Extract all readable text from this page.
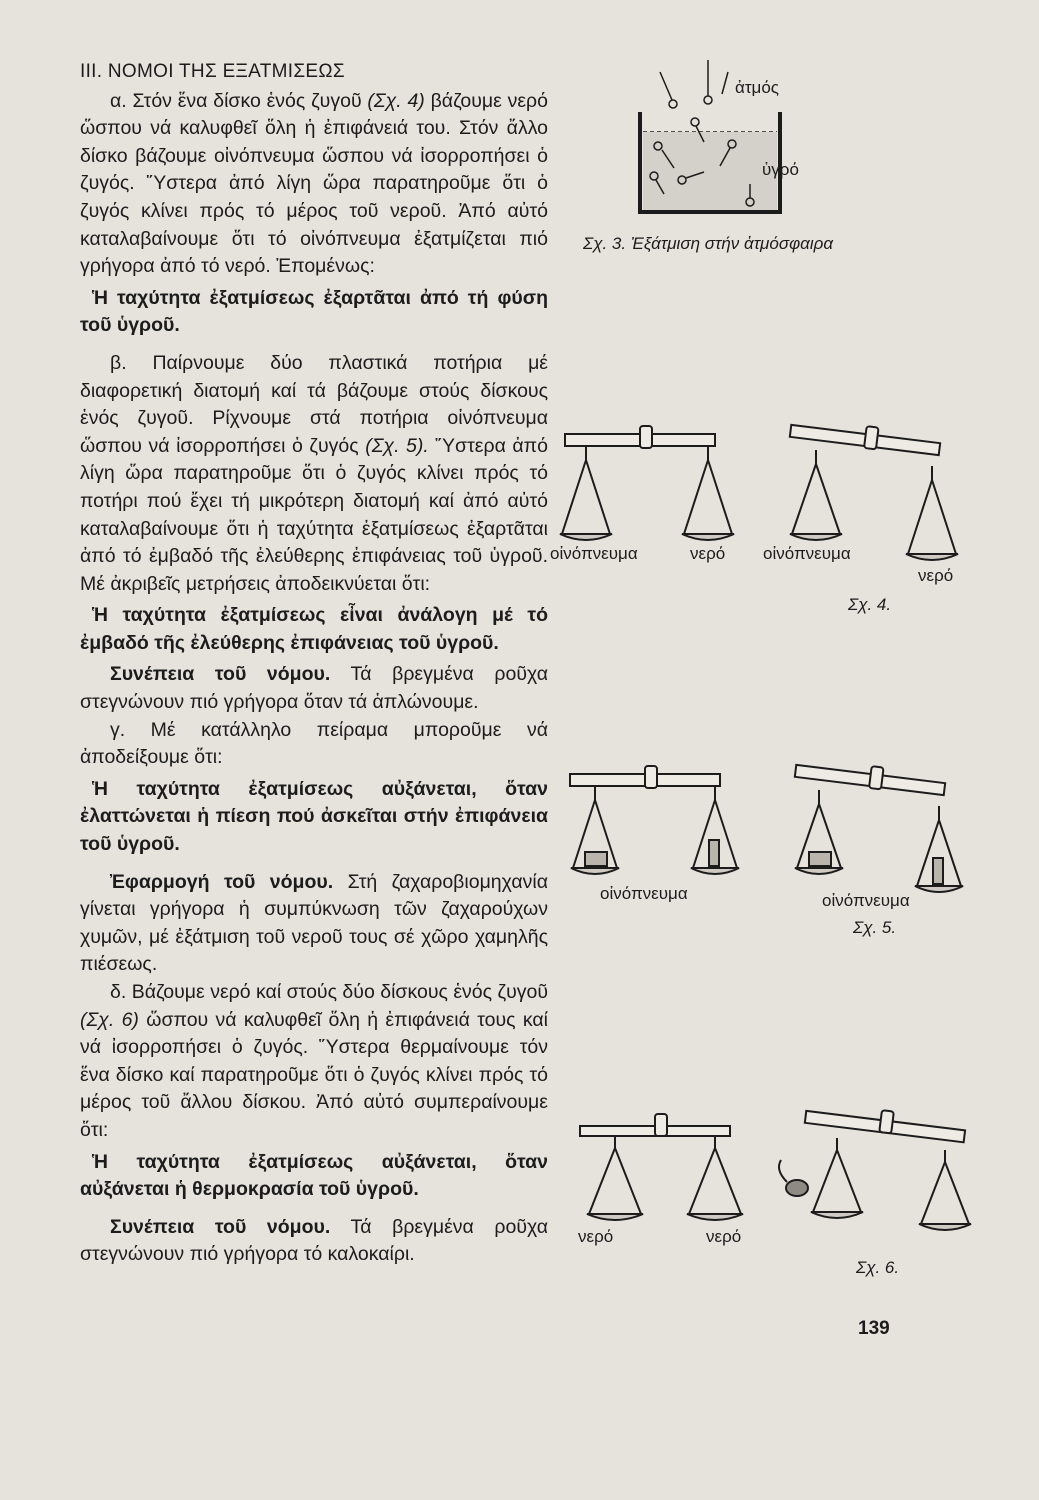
III. ΝΟΜΟΙ ΤΗΣ ΕΞΑΤΜΙΣΕΩΣ

α. Στόν ἕνα δίσκο ἑνός ζυγοῦ (Σχ. 4) βάζουμε νερό ὥσπου νά καλυφθεῖ ὅλη ἡ ἐπιφάνειά του. Στόν ἄλλο δίσκο βάζουμε οἰνόπνευμα ὥσπου νά ἰσορροπήσει ὁ ζυγός. Ὕστερα ἀπό λίγη ὥρα παρατηροῦμε ὅτι ὁ ζυγός κλίνει πρός τό μέρος τοῦ νεροῦ. Ἀπό αὐτό καταλαβαίνουμε ὅτι τό οἰνόπνευμα ἐξατμίζεται πιό γρήγορα ἀπό τό νερό. Ἐπομένως:

Ἡ ταχύτητα ἐξατμίσεως ἐξαρτᾶται ἀπό τή φύση τοῦ ὑγροῦ.

β. Παίρνουμε δύο πλαστικά ποτήρια μέ διαφορετική διατομή καί τά βάζουμε στούς δίσκους ἑνός ζυγοῦ. Ρίχνουμε στά ποτήρια οἰνόπνευμα ὥσπου νά ἰσορροπήσει ὁ ζυγός (Σχ. 5). Ὕστερα ἀπό λίγη ὥρα παρατηροῦμε ὅτι ὁ ζυγός κλίνει πρός τό ποτήρι πού ἔχει τή μικρότερη διατομή καί ἀπό αὐτό καταλαβαίνουμε ὅτι ἡ ταχύτητα ἐξατμίσεως ἐξαρτᾶται ἀπό τό ἐμβαδό τῆς ἐλεύθερης ἐπιφάνειας τοῦ ὑγροῦ. Μέ ἀκριβεῖς μετρήσεις ἀποδεικνύεται ὅτι:

Ἡ ταχύτητα ἐξατμίσεως εἶναι ἀνάλογη μέ τό ἐμβαδό τῆς ἐλεύθερης ἐπιφάνειας τοῦ ὑγροῦ.

Συνέπεια τοῦ νόμου. Τά βρεγμένα ροῦχα στεγνώνουν πιό γρήγορα ὅταν τά ἁπλώνουμε.

γ. Μέ κατάλληλο πείραμα μποροῦμε νά ἀποδείξουμε ὅτι:

Ἡ ταχύτητα ἐξατμίσεως αὐξάνεται, ὅταν ἐλαττώνεται ἡ πίεση πού ἀσκεῖται στήν ἐπιφάνεια τοῦ ὑγροῦ.

Ἐφαρμογή τοῦ νόμου. Στή ζαχαροβιομηχανία γίνεται γρήγορα ἡ συμπύκνωση τῶν ζαχαρούχων χυμῶν, μέ ἐξάτμιση τοῦ νεροῦ τους σέ χῶρο χαμηλῆς πιέσεως.

δ. Βάζουμε νερό καί στούς δύο δίσκους ἑνός ζυγοῦ (Σχ. 6) ὥσπου νά καλυφθεῖ ὅλη ἡ ἐπιφάνειά τους καί νά ἰσορροπήσει ὁ ζυγός. Ὕστερα θερμαίνουμε τόν ἕνα δίσκο καί παρατηροῦμε ὅτι ὁ ζυγός κλίνει πρός τό μέρος τοῦ ἄλλου δίσκου. Ἀπό αὐτό συμπεραίνουμε ὅτι:

Ἡ ταχύτητα ἐξατμίσεως αὐξάνεται, ὅταν αὐξάνεται ἡ θερμοκρασία τοῦ ὑγροῦ.

Συνέπεια τοῦ νόμου. Τά βρεγμένα ροῦχα στεγνώνουν πιό γρήγορα τό καλοκαίρι.

ἀτμός
ὑγρό
Σχ. 3. Ἐξάτμιση στήν ἀτμόσφαιρα
οἰνόπνευμα	νερό οἰνόπνευμα
νερό
Σχ. 4.
οἰνόπνευμα	οἰνόπνευμα
Σχ. 5.
νερό	νερό
Σχ. 6.
139
